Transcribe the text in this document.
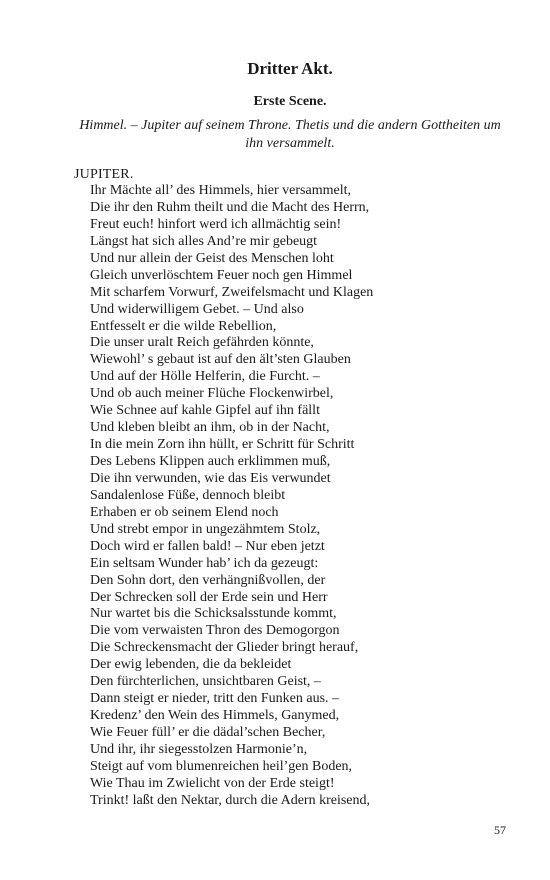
Dritter Akt.
Erste Scene.
Himmel. – Jupiter auf seinem Throne. Thetis und die andern Gottheiten um ihn versammelt.
JUPITER.
Ihr Mächte all’ des Himmels, hier versammelt,
Die ihr den Ruhm theilt und die Macht des Herrn,
Freut euch! hinfort werd ich allmächtig sein!
Längst hat sich alles And’re mir gebeugt
Und nur allein der Geist des Menschen loht
Gleich unverlöschtem Feuer noch gen Himmel
Mit scharfem Vorwurf, Zweifelsmacht und Klagen
Und widerwilligem Gebet. – Und also
Entfesselt er die wilde Rebellion,
Die unser uralt Reich gefährden könnte,
Wiewohl’ s gebaut ist auf den ält’sten Glauben
Und auf der Hölle Helferin, die Furcht. –
Und ob auch meiner Flüche Flockenwirbel,
Wie Schnee auf kahle Gipfel auf ihn fällt
Und kleben bleibt an ihm, ob in der Nacht,
In die mein Zorn ihn hüllt, er Schritt für Schritt
Des Lebens Klippen auch erklimmen muß,
Die ihn verwunden, wie das Eis verwundet
Sandalenlose Füße, dennoch bleibt
Erhaben er ob seinem Elend noch
Und strebt empor in ungezähmtem Stolz,
Doch wird er fallen bald! – Nur eben jetzt
Ein seltsam Wunder hab’ ich da gezeugt:
Den Sohn dort, den verhängnißvollen, der
Der Schrecken soll der Erde sein und Herr
Nur wartet bis die Schicksalsstunde kommt,
Die vom verwaisten Thron des Demogorgon
Die Schreckensmacht der Glieder bringt herauf,
Der ewig lebenden, die da bekleidet
Den fürchterlichen, unsichtbaren Geist, –
Dann steigt er nieder, tritt den Funken aus. –
Kredenz’ den Wein des Himmels, Ganymed,
Wie Feuer füll’ er die dädal’schen Becher,
Und ihr, ihr siegesstolzen Harmonie’n,
Steigt auf vom blumenreichen heil’gen Boden,
Wie Thau im Zwielicht von der Erde steigt!
Trinkt! laßt den Nektar, durch die Adern kreisend,
57
